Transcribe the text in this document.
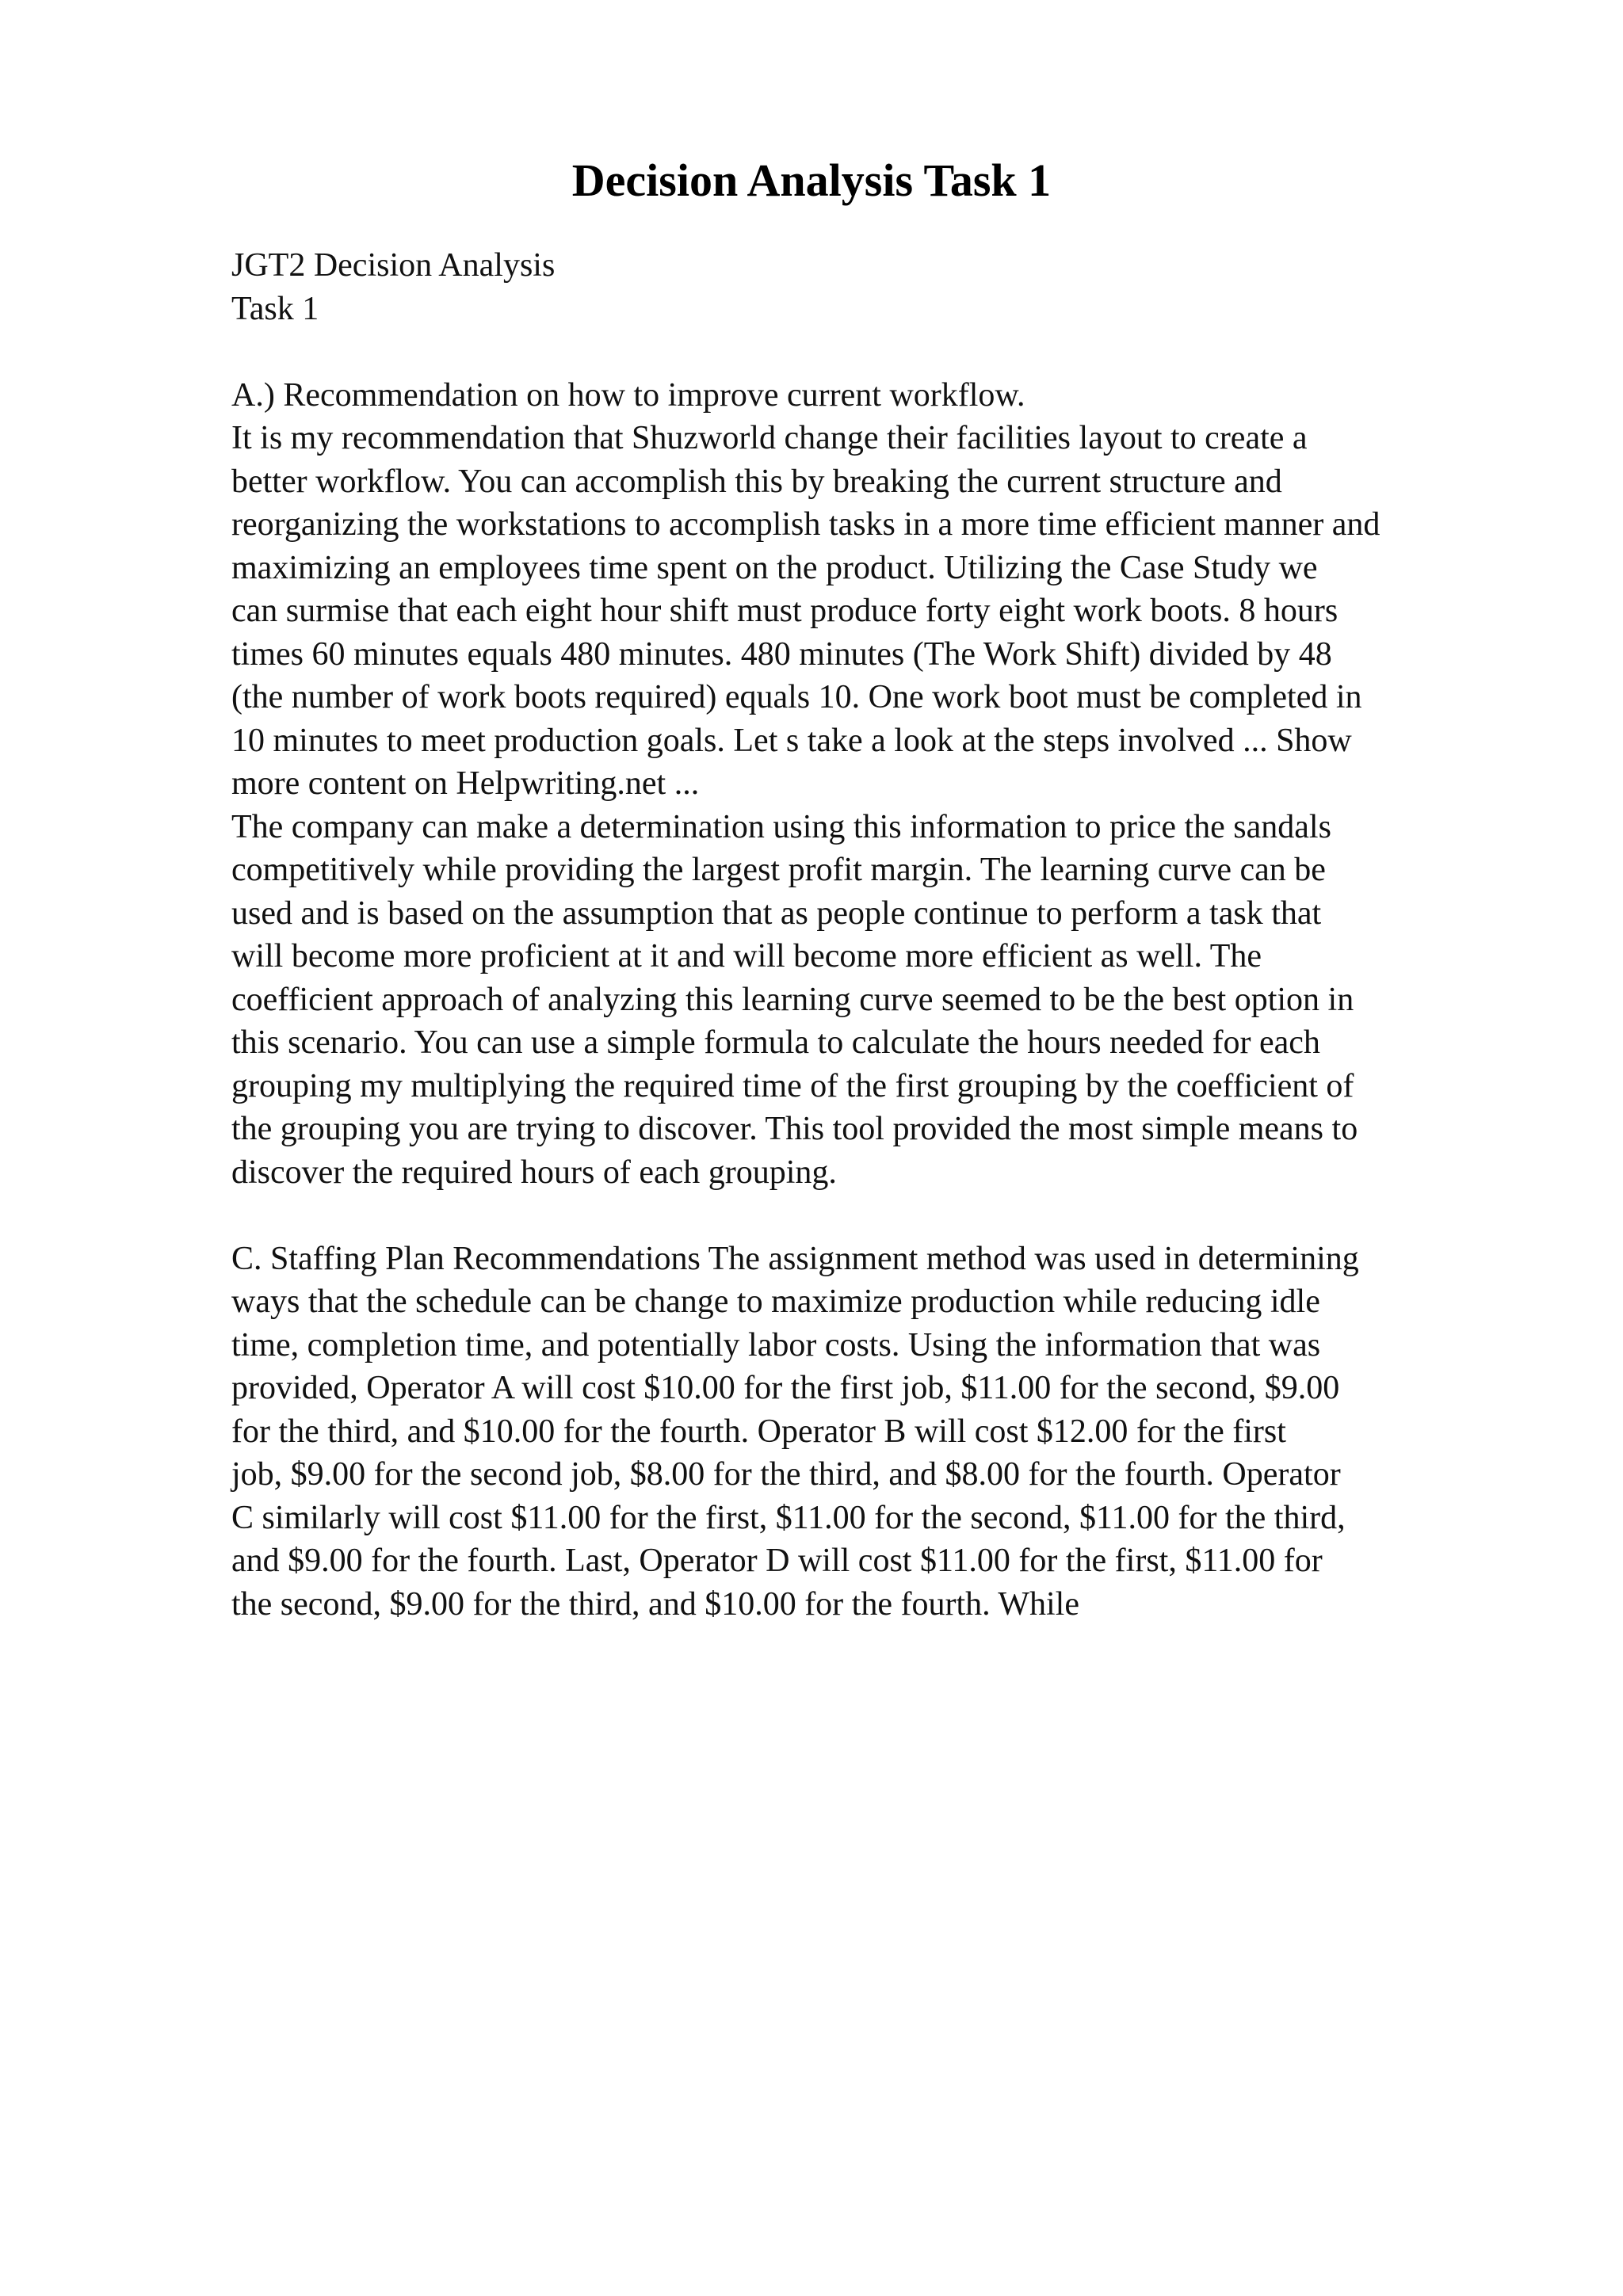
Decision Analysis Task 1
JGT2 Decision Analysis
Task 1
A.) Recommendation on how to improve current workflow.
It is my recommendation that Shuzworld change their facilities layout to create a
better workflow. You can accomplish this by breaking the current structure and
reorganizing the workstations to accomplish tasks in a more time efficient manner and
maximizing an employees time spent on the product. Utilizing the Case Study we
can surmise that each eight hour shift must produce forty eight work boots. 8 hours
times 60 minutes equals 480 minutes. 480 minutes (The Work Shift) divided by 48
(the number of work boots required) equals 10. One work boot must be completed in
10 minutes to meet production goals. Let s take a look at the steps involved ... Show
more content on Helpwriting.net ...
The company can make a determination using this information to price the sandals
competitively while providing the largest profit margin. The learning curve can be
used and is based on the assumption that as people continue to perform a task that
will become more proficient at it and will become more efficient as well. The
coefficient approach of analyzing this learning curve seemed to be the best option in
this scenario. You can use a simple formula to calculate the hours needed for each
grouping my multiplying the required time of the first grouping by the coefficient of
the grouping you are trying to discover. This tool provided the most simple means to
discover the required hours of each grouping.
C. Staffing Plan Recommendations The assignment method was used in determining
ways that the schedule can be change to maximize production while reducing idle
time, completion time, and potentially labor costs. Using the information that was
provided, Operator A will cost $10.00 for the first job, $11.00 for the second, $9.00
for the third, and $10.00 for the fourth. Operator B will cost $12.00 for the first
job, $9.00 for the second job, $8.00 for the third, and $8.00 for the fourth. Operator
C similarly will cost $11.00 for the first, $11.00 for the second, $11.00 for the third,
and $9.00 for the fourth. Last, Operator D will cost $11.00 for the first, $11.00 for
the second, $9.00 for the third, and $10.00 for the fourth. While
